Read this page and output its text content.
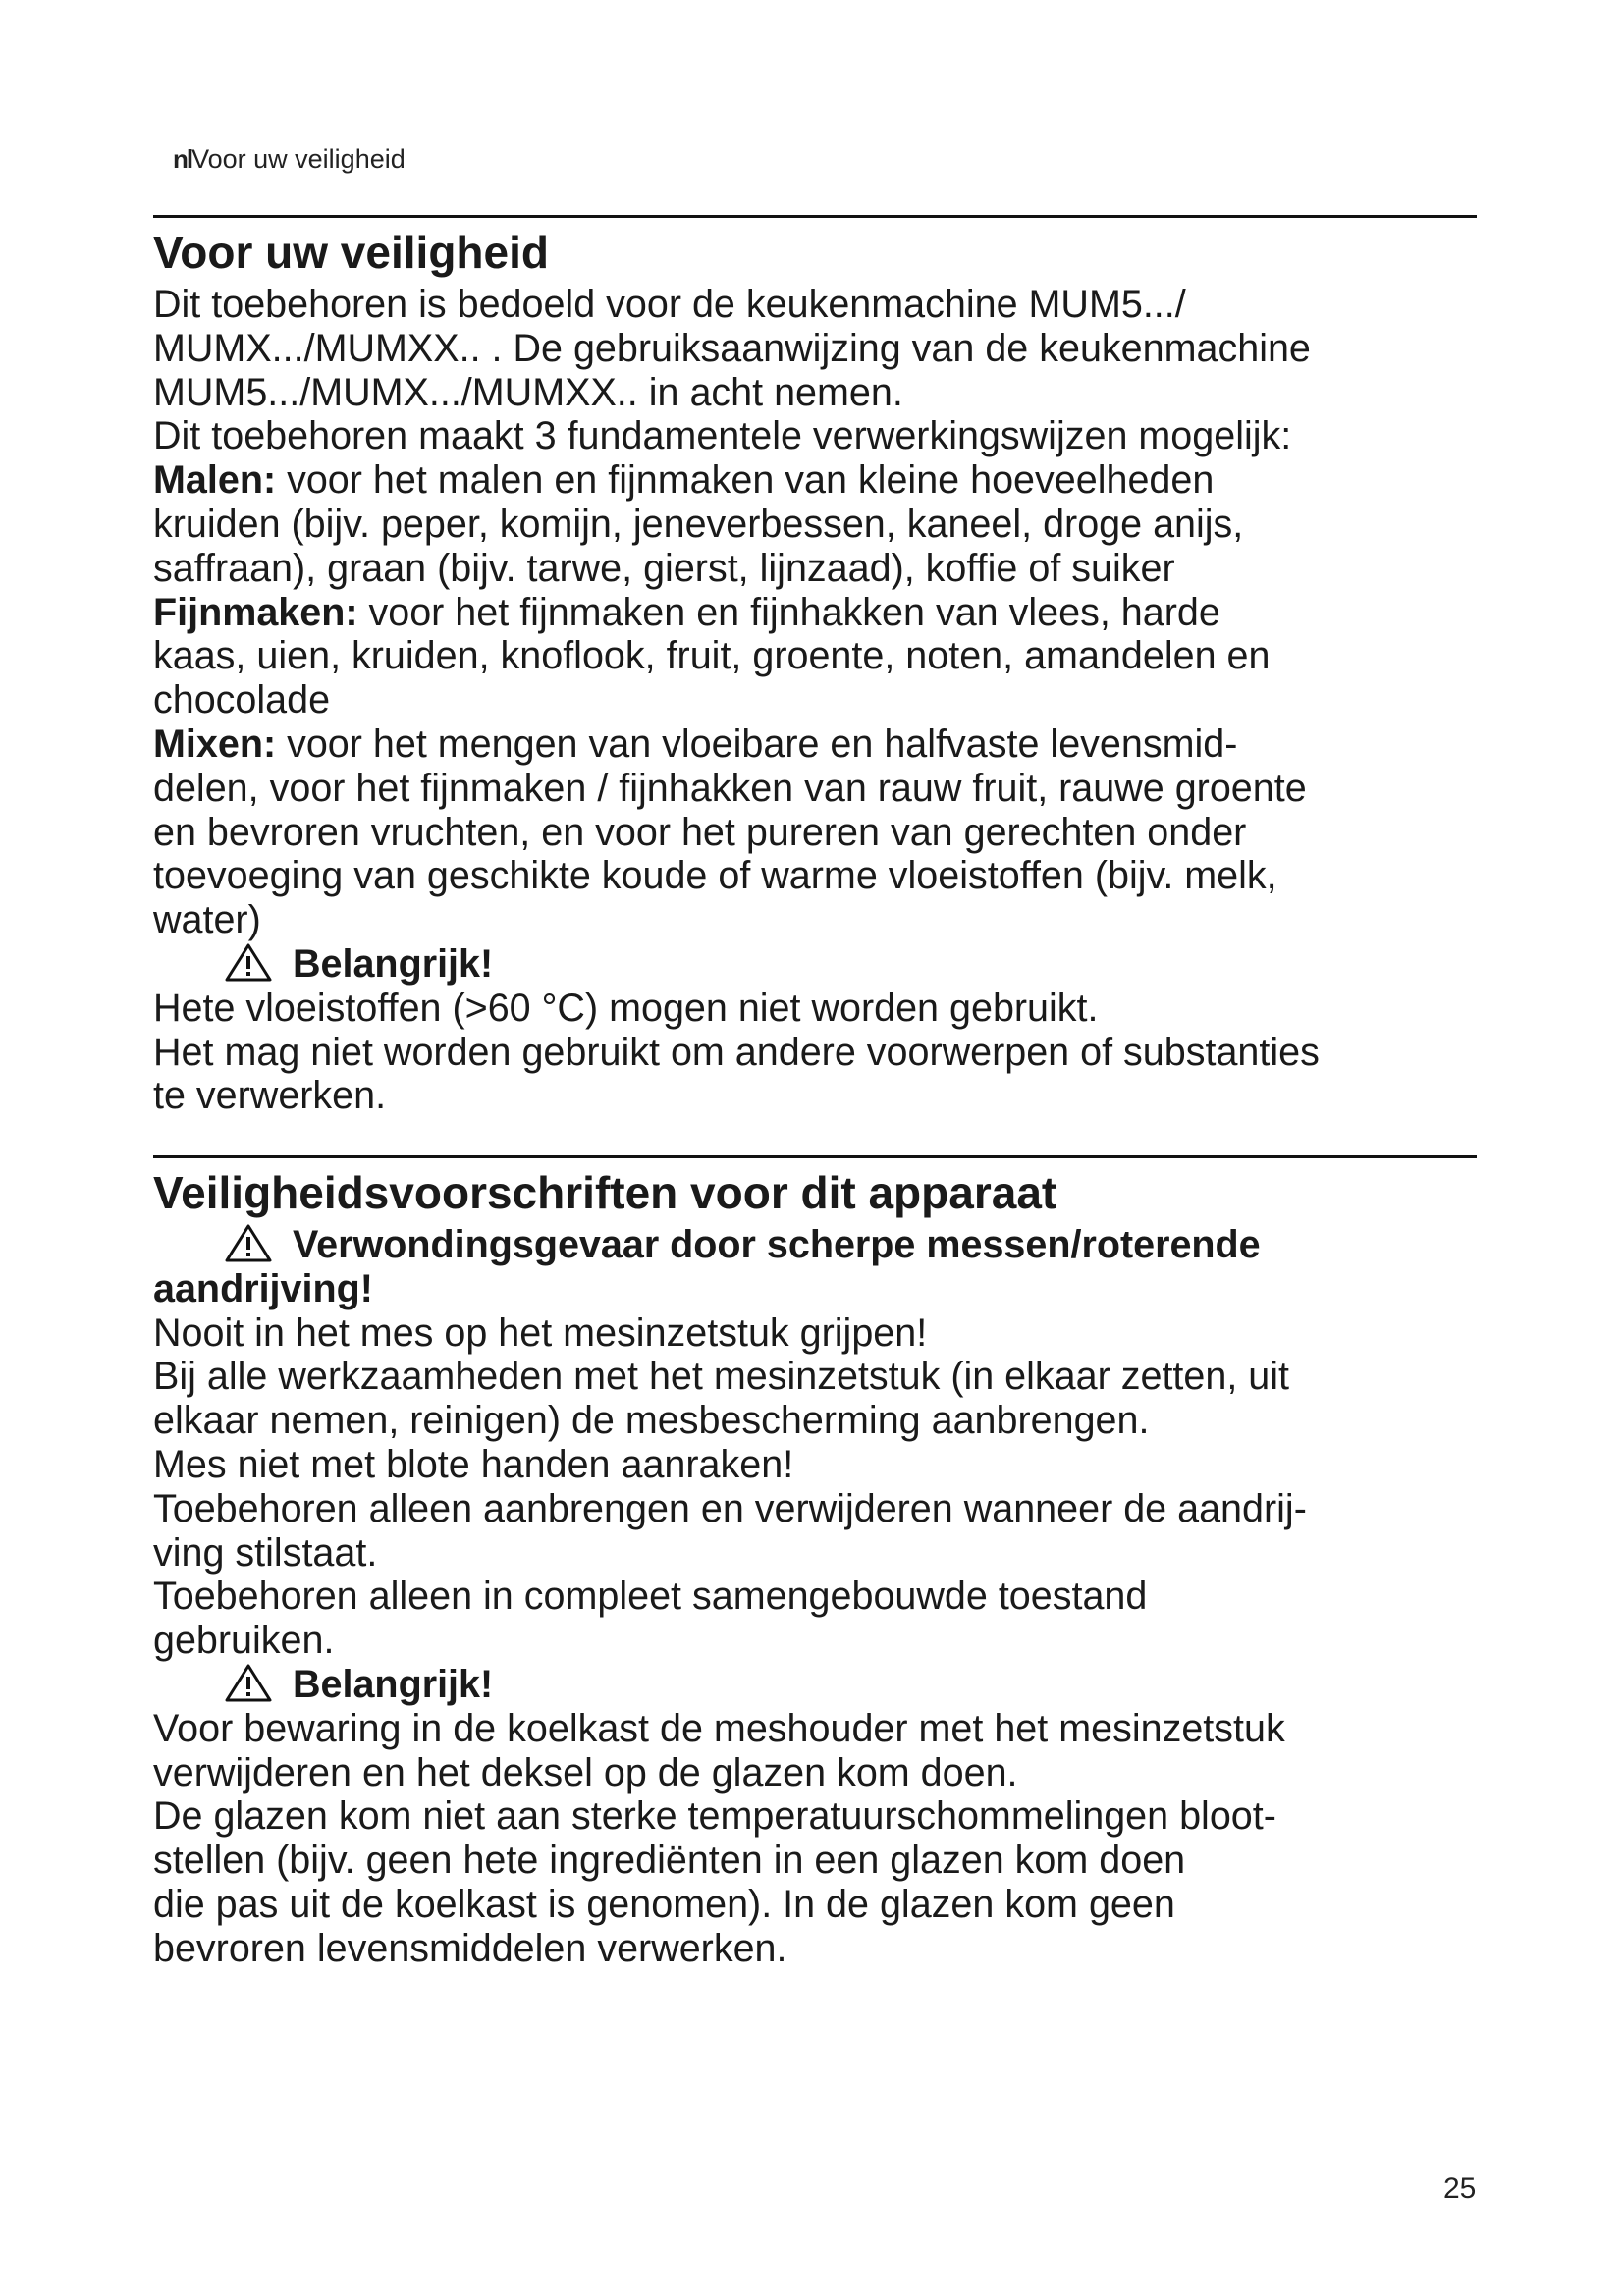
nlVoor uw veiligheid
Voor uw veiligheid

Dit toebehoren is bedoeld voor de keukenmachine MUM5.../

MUMX.../MUMXX.. . De gebruiksaanwijzing van de keukenmachine

MUM5.../MUMX.../MUMXX.. in acht nemen.

Dit toebehoren maakt 3 fundamentele verwerkingswijzen mogelijk:

Malen: voor het malen en fijnmaken van kleine hoeveelheden

kruiden (bijv. peper, komijn, jeneverbessen, kaneel, droge anijs,

saffraan), graan (bijv. tarwe, gierst, lijnzaad), koffie of suiker

Fijnmaken: voor het fijnmaken en fijnhakken van vlees, harde

kaas, uien, kruiden, knoflook, fruit, groente, noten, amandelen en

chocolade

Mixen: voor het mengen van vloeibare en halfvaste levensmid-

delen, voor het fijnmaken / fijnhakken van rauw fruit, rauwe groente

en bevroren vruchten, en voor het pureren van gerechten onder

toevoeging van geschikte koude of warme vloeistoffen (bijv. melk,

water)

Belangrijk!

Hete vloeistoffen (>60 °C) mogen niet worden gebruikt.

Het mag niet worden gebruikt om andere voorwerpen of substanties

te verwerken.

Veiligheidsvoorschriften voor dit apparaat
Verwondingsgevaar door scherpe messen/roterende
aandrijving!

Nooit in het mes op het mesinzetstuk grijpen!

Bij alle werkzaamheden met het mesinzetstuk (in elkaar zetten, uit

elkaar nemen, reinigen) de mesbescherming aanbrengen.

Mes niet met blote handen aanraken!

Toebehoren alleen aanbrengen en verwijderen wanneer de aandrij-

ving stilstaat.

Toebehoren alleen in compleet samengebouwde toestand

gebruiken.

Belangrijk!

Voor bewaring in de koelkast de meshouder met het mesinzetstuk

verwijderen en het deksel op de glazen kom doen.

De glazen kom niet aan sterke temperatuurschommelingen bloot-

stellen (bijv. geen hete ingrediënten in een glazen kom doen

die pas uit de koelkast is genomen). In de glazen kom geen

bevroren levensmiddelen verwerken.

25
